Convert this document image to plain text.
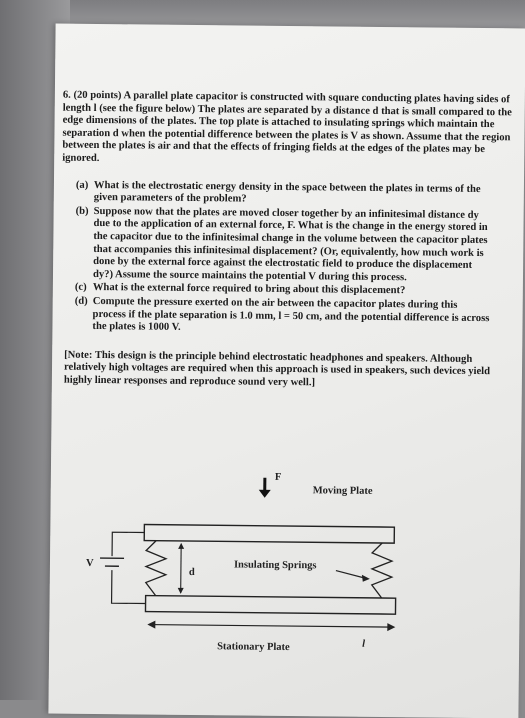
6. (20 points) A parallel plate capacitor is constructed with square conducting plates having sides of length l (see the figure below) The plates are separated by a distance d that is small compared to the edge dimensions of the plates. The top plate is attached to insulating springs which maintain the separation d when the potential difference between the plates is V as shown. Assume that the region between the plates is air and that the effects of fringing fields at the edges of the plates may be ignored.

(a) What is the electrostatic energy density in the space between the plates in terms of the given parameters of the problem?
(b) Suppose now that the plates are moved closer together by an infinitesimal distance dy due to the application of an external force, F. What is the change in the energy stored in the capacitor due to the infinitesimal change in the volume between the capacitor plates that accompanies this infinitesimal displacement? (Or, equivalently, how much work is done by the external force against the electrostatic field to produce the displacement dy?) Assume the source maintains the potential V during this process.
(c) What is the external force required to bring about this displacement?
(d) Compute the pressure exerted on the air between the capacitor plates during this process if the plate separation is 1.0 mm, l = 50 cm, and the potential difference is across the plates is 1000 V.

[Note: This design is the principle behind electrostatic headphones and speakers. Although relatively high voltages are required when this approach is used in speakers, such devices yield highly linear responses and reproduce sound very well.]

F
Moving Plate
Insulating Springs
V
d
Stationary Plate	l
